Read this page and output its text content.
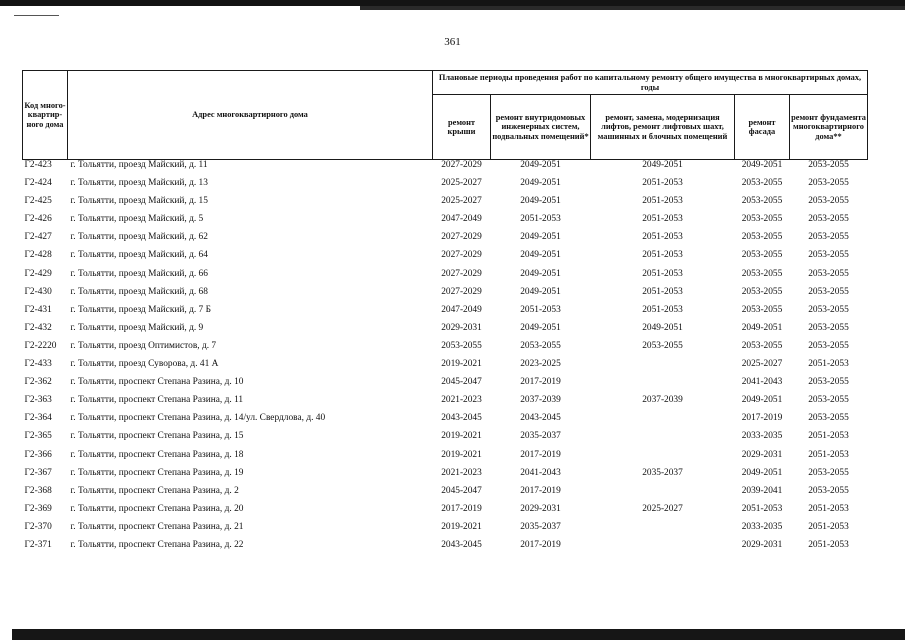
361
Код много-квартир-ного дома	Адрес многоквартирного дома	Плановые периоды проведения работ по капитальному ремонту общего имущества в многоквартирных домах, годы				
		ремонт крыши	ремонт внутридомовых инженерных систем, подвальных помещений*	ремонт, замена, модернизация лифтов, ремонт лифтовых шахт, машинных и блочных помещений	ремонт фасада	ремонт фундамента многоквартирного дома**
Г2-423	г. Тольятти, проезд Майский, д. 11	2027-2029	2049-2051	2049-2051	2049-2051	2053-2055
Г2-424	г. Тольятти, проезд Майский, д. 13	2025-2027	2049-2051	2051-2053	2053-2055	2053-2055
Г2-425	г. Тольятти, проезд Майский, д. 15	2025-2027	2049-2051	2051-2053	2053-2055	2053-2055
Г2-426	г. Тольятти, проезд Майский, д. 5	2047-2049	2051-2053	2051-2053	2053-2055	2053-2055
Г2-427	г. Тольятти, проезд Майский, д. 62	2027-2029	2049-2051	2051-2053	2053-2055	2053-2055
Г2-428	г. Тольятти, проезд Майский, д. 64	2027-2029	2049-2051	2051-2053	2053-2055	2053-2055
Г2-429	г. Тольятти, проезд Майский, д. 66	2027-2029	2049-2051	2051-2053	2053-2055	2053-2055
Г2-430	г. Тольятти, проезд Майский, д. 68	2027-2029	2049-2051	2051-2053	2053-2055	2053-2055
Г2-431	г. Тольятти, проезд Майский, д. 7 Б	2047-2049	2051-2053	2051-2053	2053-2055	2053-2055
Г2-432	г. Тольятти, проезд Майский, д. 9	2029-2031	2049-2051	2049-2051	2049-2051	2053-2055
Г2-2220	г. Тольятти, проезд Оптимистов, д. 7	2053-2055	2053-2055	2053-2055	2053-2055	2053-2055
Г2-433	г. Тольятти, проезд Суворова, д. 41 А	2019-2021	2023-2025		2025-2027	2051-2053
Г2-362	г. Тольятти, проспект Степана Разина, д. 10	2045-2047	2017-2019		2041-2043	2053-2055
Г2-363	г. Тольятти, проспект Степана Разина, д. 11	2021-2023	2037-2039	2037-2039	2049-2051	2053-2055
Г2-364	г. Тольятти, проспект Степана Разина, д. 14/ул. Свердлова, д. 40	2043-2045	2043-2045		2017-2019	2053-2055
Г2-365	г. Тольятти, проспект Степана Разина, д. 15	2019-2021	2035-2037		2033-2035	2051-2053
Г2-366	г. Тольятти, проспект Степана Разина, д. 18	2019-2021	2017-2019		2029-2031	2051-2053
Г2-367	г. Тольятти, проспект Степана Разина, д. 19	2021-2023	2041-2043	2035-2037	2049-2051	2053-2055
Г2-368	г. Тольятти, проспект Степана Разина, д. 2	2045-2047	2017-2019		2039-2041	2053-2055
Г2-369	г. Тольятти, проспект Степана Разина, д. 20	2017-2019	2029-2031	2025-2027	2051-2053	2051-2053
Г2-370	г. Тольятти, проспект Степана Разина, д. 21	2019-2021	2035-2037		2033-2035	2051-2053
Г2-371	г. Тольятти, проспект Степана Разина, д. 22	2043-2045	2017-2019		2029-2031	2051-2053
